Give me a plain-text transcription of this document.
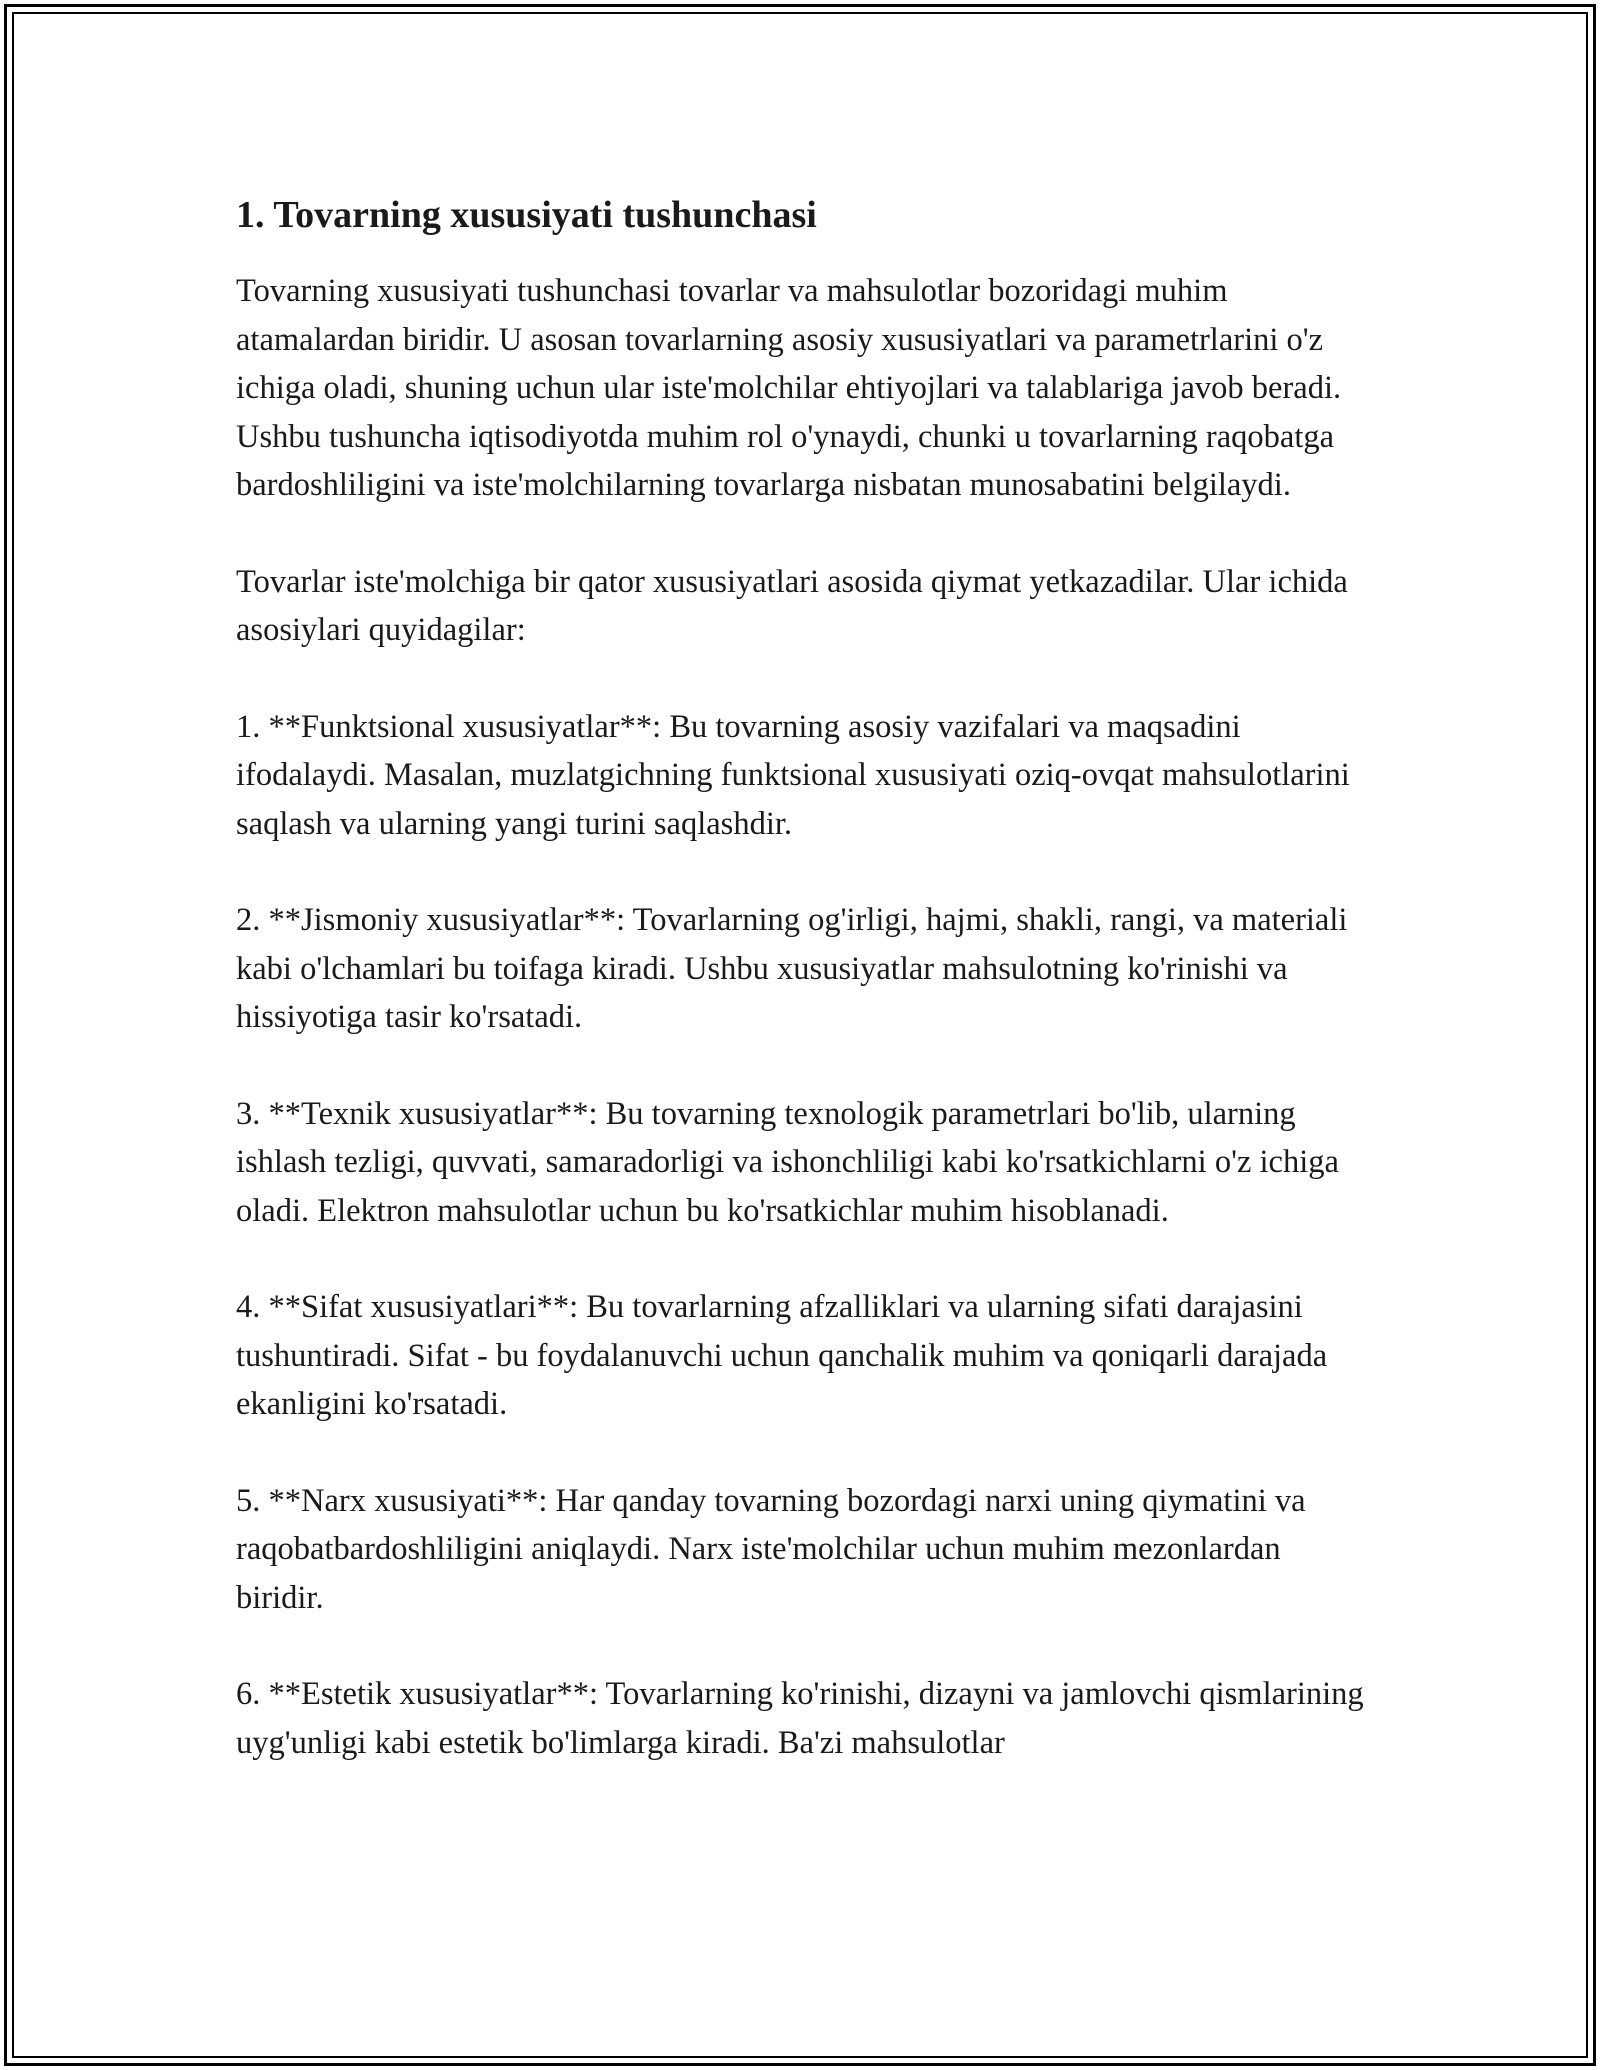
1. Tovarning xususiyati tushunchasi

Tovarning xususiyati tushunchasi tovarlar va mahsulotlar bozoridagi muhim atamalardan biridir. U asosan tovarlarning asosiy xususiyatlari va parametrlarini o'z ichiga oladi, shuning uchun ular iste'molchilar ehtiyojlari va talablariga javob beradi. Ushbu tushuncha iqtisodiyotda muhim rol o'ynaydi, chunki u tovarlarning raqobatga bardoshliligini va iste'molchilarning tovarlarga nisbatan munosabatini belgilaydi.

Tovarlar iste'molchiga bir qator xususiyatlari asosida qiymat yetkazadilar. Ular ichida asosiylari quyidagilar:

1. **Funktsional xususiyatlar**: Bu tovarning asosiy vazifalari va maqsadini ifodalaydi. Masalan, muzlatgichning funktsional xususiyati oziq-ovqat mahsulotlarini saqlash va ularning yangi turini saqlashdir.

2. **Jismoniy xususiyatlar**: Tovarlarning og'irligi, hajmi, shakli, rangi, va materiali kabi o'lchamlari bu toifaga kiradi. Ushbu xususiyatlar mahsulotning ko'rinishi va hissiyotiga tasir ko'rsatadi.

3. **Texnik xususiyatlar**: Bu tovarning texnologik parametrlari bo'lib, ularning ishlash tezligi, quvvati, samaradorligi va ishonchliligi kabi ko'rsatkichlarni o'z ichiga oladi. Elektron mahsulotlar uchun bu ko'rsatkichlar muhim hisoblanadi.

4. **Sifat xususiyatlari**: Bu tovarlarning afzalliklari va ularning sifati darajasini tushuntiradi. Sifat - bu foydalanuvchi uchun qanchalik muhim va qoniqarli darajada ekanligini ko'rsatadi.

5. **Narx xususiyati**: Har qanday tovarning bozordagi narxi uning qiymatini va raqobatbardoshliligini aniqlaydi. Narx iste'molchilar uchun muhim mezonlardan biridir.

6. **Estetik xususiyatlar**: Tovarlarning ko'rinishi, dizayni va jamlovchi qismlarining uyg'unligi kabi estetik bo'limlarga kiradi. Ba'zi mahsulotlar
